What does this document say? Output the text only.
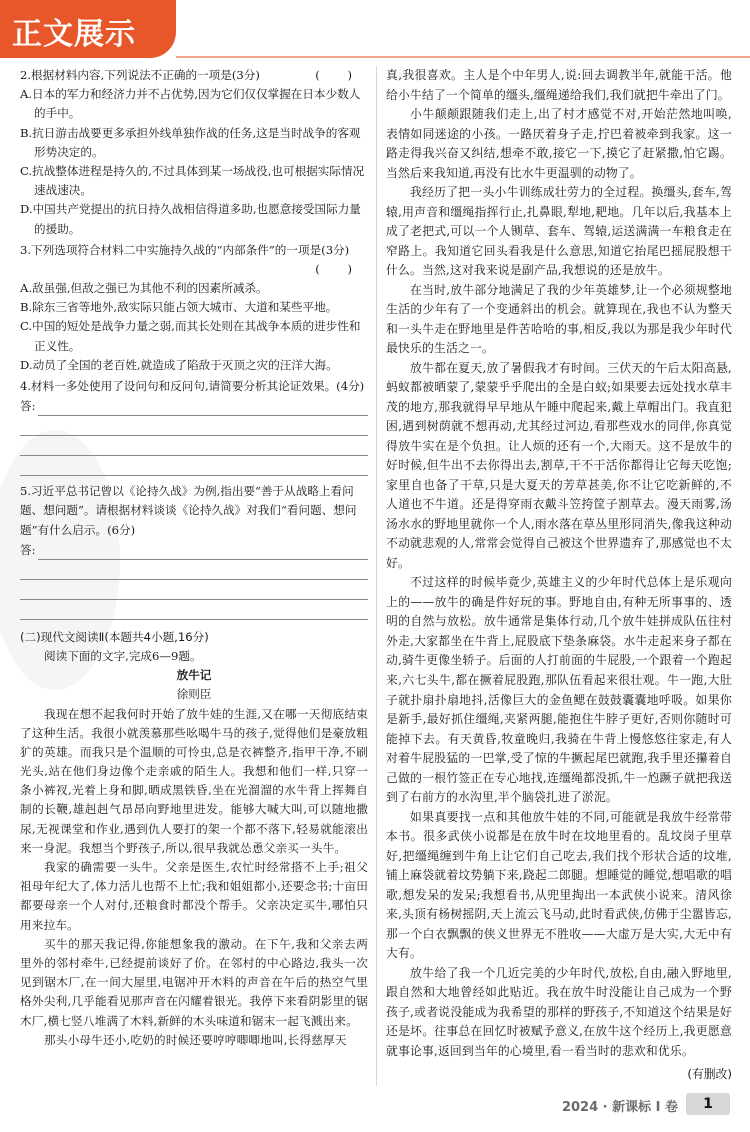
正文展示
( )
2.根据材料内容,下列说法不正确的一项是(3分)
A.日本的军力和经济力并不占优势,因为它们仅仅掌握在日本少数人的手中。
B.抗日游击战要更多承担外线单独作战的任务,这是当时战争的客观形势决定的。
C.抗战整体进程是持久的,不过具体到某一场战役,也可根据实际情况速战速决。
D.中国共产党提出的抗日持久战相信得道多助,也愿意接受国际力量的援助。
3.下列选项符合材料二中实施持久战的“内部条件”的一项是(3分)
( )
A.敌虽强,但敌之强已为其他不利的因素所减杀。
B.除东三省等地外,敌实际只能占领大城市、大道和某些平地。
C.中国的短处是战争力量之弱,而其长处则在其战争本质的进步性和正义性。
D.动员了全国的老百姓,就造成了陷敌于灭顶之灾的汪洋大海。
4.材料一多处使用了设问句和反问句,请简要分析其论证效果。(4分)
答:
5.习近平总书记曾以《论持久战》为例,指出要“善于从战略上看问题、想问题”。请根据材料谈谈《论持久战》对我们“看问题、想问题”有什么启示。(6分)
答:
(二)现代文阅读Ⅱ(本题共4小题,16分)
阅读下面的文字,完成6—9题。
放牛记
徐则臣

我现在想不起我何时开始了放牛娃的生涯,又在哪一天彻底结束了这种生活。我很小就羡慕那些吆喝牛马的孩子,觉得他们是豪放粗犷的英雄。而我只是个温顺的可怜虫,总是衣裤整齐,指甲干净,不刷光头,站在他们身边像个走亲戚的陌生人。我想和他们一样,只穿一条小裤衩,光着上身和脚,晒成黑铁昏,坐在光溜溜的水牛背上挥舞自制的长鞭,雄赳赳气昂昂向野地里进发。能够大喊大叫,可以随地撒尿,无视课堂和作业,遇到仇人要打的架一个都不落下,轻易就能滚出来一身泥。我想当个野孩子,所以,很早我就怂恿父亲买一头牛。

我家的确需要一头牛。父亲是医生,农忙时经常搭不上手;祖父祖母年纪大了,体力活儿也帮不上忙;我和姐姐都小,还要念书;十亩田都要母亲一个人对付,还粮食时都没个帮手。父亲决定买牛,哪怕只用来拉车。

买牛的那天我记得,你能想象我的激动。在下午,我和父亲去两里外的邻村牵牛,已经提前谈好了价。在邻村的中心路边,我头一次见到锯木厂,在一间大屋里,电锯冲开木料的声音在午后的热空气里格外尖利,几乎能看见那声音在闪耀着银光。我停下来看阴影里的锯木厂,横七竖八堆满了木料,新鲜的木头味道和锯末一起飞溅出来。

那头小母牛还小,吃奶的时候还要哼哼唧唧地叫,长得慈厚天

真,我很喜欢。主人是个中年男人,说:回去调教半年,就能干活。他给小牛结了一个简单的缰头,缰绳递给我们,我们就把牛牵出了门。

小牛颠颠跟随我们走上,出了村才感觉不对,开始茫然地叫唤,表情如同迷途的小孩。一路厌着身子走,拧巴着被牵到我家。这一路走得我兴奋又纠结,想牵不敢,接它一下,摸它了赶紧撒,怕它踢。当然后来我知道,再没有比水牛更温驯的动物了。

我经历了把一头小牛训练成壮劳力的全过程。换缰头,套车,驾辕,用声音和缰绳指挥行止,扎鼻眼,犁地,耙地。几年以后,我基本上成了老把式,可以一个人铡草、套车、驾辕,运送满满一车粮食走在窄路上。我知道它回头看我是什么意思,知道它抬尾巴摇屁股想干什么。当然,这对我来说是副产品,我想说的还是放牛。

在当时,放牛部分地满足了我的少年英雄梦,让一个必须规整地生活的少年有了一个变通斜出的机会。就算现在,我也不认为整天和一头牛走在野地里是件苦哈哈的事,相反,我以为那是我少年时代最快乐的生活之一。

放牛都在夏天,放了暑假我才有时间。三伏天的午后太阳高悬,蚂蚁都被晒蒙了,蒙蒙乎乎爬出的全是白蚁;如果要去远处找水草丰茂的地方,那我就得早早地从午睡中爬起来,戴上草帽出门。我直犯困,遇到树荫就不想再动,尤其经过河边,看那些戏水的同伴,你真觉得放牛实在是个负担。让人烦的还有一个,大雨天。这不是放牛的好时候,但牛出不去你得出去,割草,干不干活你都得让它每天吃饱;家里自也备了干草,只是大夏天的芳草甚美,你不让它吃新鲜的,不人道也不牛道。还是得穿雨衣戴斗笠挎筐子割草去。漫天雨雾,汤汤水水的野地里就你一个人,雨水落在草丛里形同消失,像我这种动不动就悲观的人,常常会觉得自己被这个世界遗弃了,那感觉也不太好。

不过这样的时候毕竟少,英雄主义的少年时代总体上是乐观向上的——放牛的确是件好玩的事。野地自由,有种无所事事的、透明的自然与放松。放牛通常是集体行动,几个放牛娃拼成队伍往村外走,大家都坐在牛背上,屁股底下垫条麻袋。水牛走起来身子都在动,骑牛更像坐轿子。后面的人打前面的牛屁股,一个跟着一个跑起来,六七头牛,都在撅着屁股跑,那队伍看起来很壮观。牛一跑,大肚子就扑扇扑扇地抖,活像巨大的金鱼鳃在鼓鼓囊囊地呼吸。如果你是新手,最好抓住缰绳,夹紧两腿,能抱住牛脖子更好,否则你随时可能掉下去。有天黄昏,牧童晚归,我骑在牛背上慢悠悠往家走,有人对着牛屁股猛的一巴掌,受了惊的牛撅起尾巴就跑,我手里还攥着自己做的一根竹签正在专心地找,连缰绳都没抓,牛一尥蹶子就把我送到了右前方的水沟里,半个脑袋扎进了淤泥。

如果真要找一点和其他放牛娃的不同,可能就是我放牛经常带本书。很多武侠小说都是在放牛时在坟地里看的。乱坟岗子里草好,把缰绳缠到牛角上让它们自己吃去,我们找个形状合适的坟堆,铺上麻袋就着坟势躺下来,跷起二郎腿。想睡觉的睡觉,想唱歌的唱歌,想发呆的发呆;我想看书,从兜里掏出一本武侠小说来。清风徐来,头顶有杨树摇阴,天上流云飞马动,此时看武侠,仿佛于尘嚣皆忘,那一个白衣飘飘的侠义世界无不胜收——大虚万是大实,大无中有大有。

放牛给了我一个几近完美的少年时代,放松,自由,融入野地里,跟自然和大地曾经如此贴近。我在放牛时没能让自己成为一个野孩子,或者说没能成为我希望的那样的野孩子,不知道这个结果是好还是坏。往事总在回忆时被赋予意义,在放牛这个经历上,我更愿意就事论事,返回到当年的心境里,看一看当时的悲欢和优乐。

(有删改)
2024 · 新课标 I 卷	1
